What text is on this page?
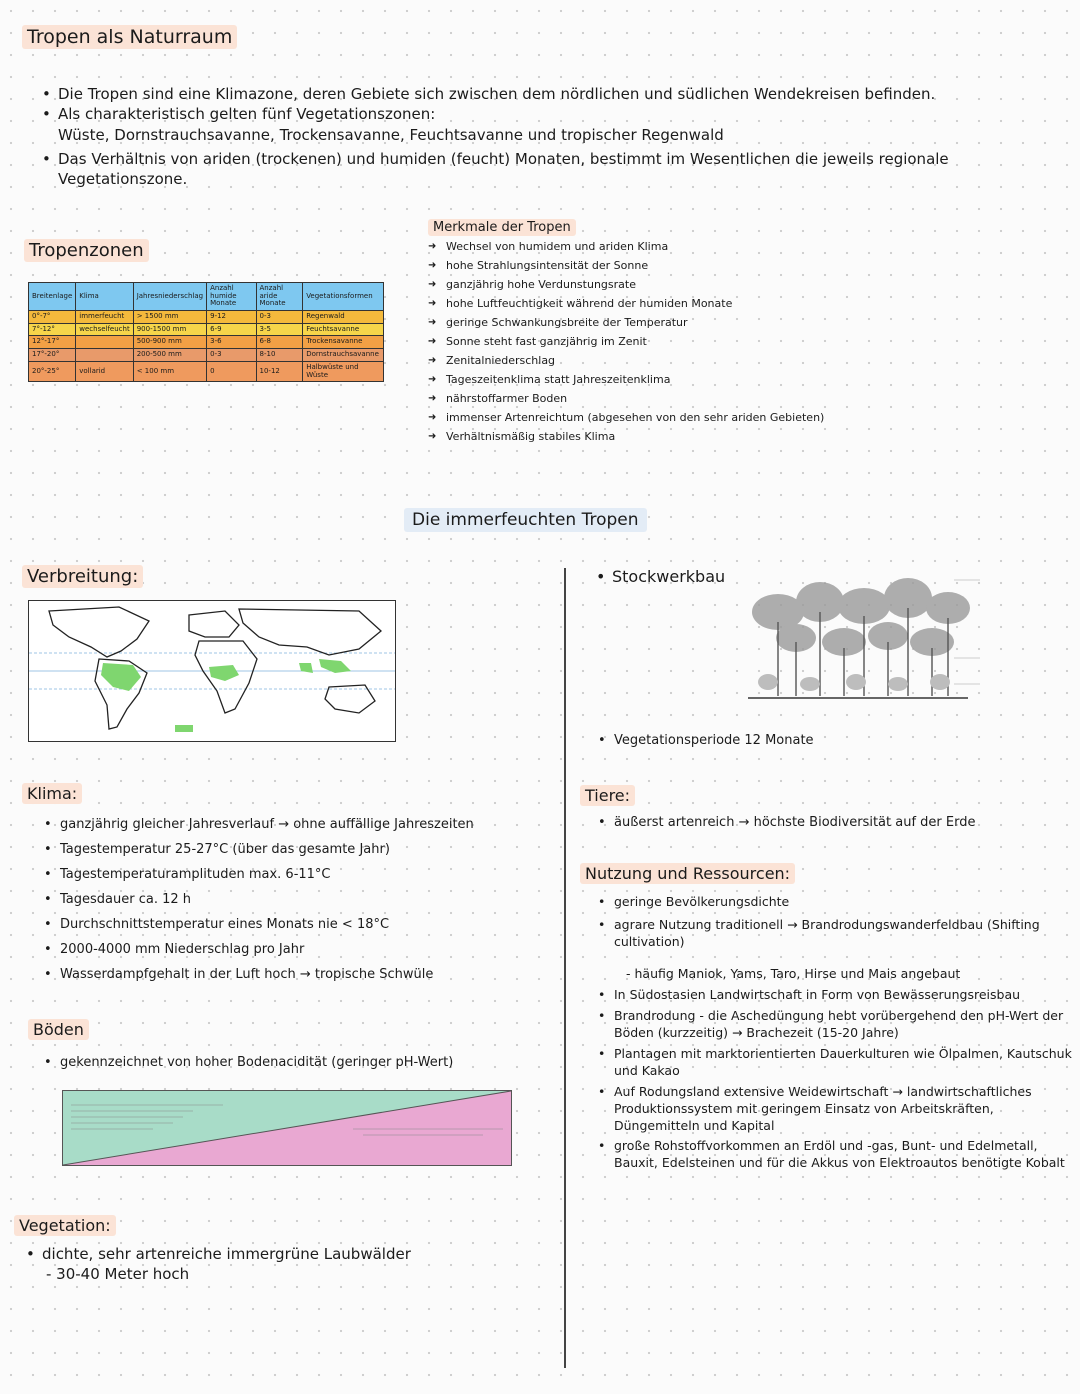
Tropen als Naturraum
• Die Tropen sind eine Klimazone, deren Gebiete sich zwischen dem nördlichen und südlichen Wendekreisen befinden.
• Als charakteristisch gelten fünf Vegetationszonen:
Wüste, Dornstrauchsavanne, Trockensavanne, Feuchtsavanne und tropischer Regenwald
• Das Verhältnis von ariden (trockenen) und humiden (feucht) Monaten, bestimmt im Wesentlichen die jeweils regionale Vegetationszone.
Tropenzonen
Breitenlage	Klima	Jahresniederschlag	Anzahl humide Monate	Anzahl aride Monate	Vegetationsformen
0°-7°	immerfeucht	> 1500 mm	9-12	0-3	Regenwald
7°-12°	wechselfeucht	900-1500 mm	6-9	3-5	Feuchtsavanne
12°-17°		500-900 mm	3-6	6-8	Trockensavanne
17°-20°		200-500 mm	0-3	8-10	Dornstrauchsavanne
20°-25°	vollarid	< 100 mm	0	10-12	Halbwüste und Wüste
Merkmale der Tropen
➜ Wechsel von humidem und ariden Klima
➜ hohe Strahlungsintensität der Sonne
➜ ganzjährig hohe Verdunstungsrate
➜ hohe Luftfeuchtigkeit während der humiden Monate
➜ geringe Schwankungsbreite der Temperatur
➜ Sonne steht fast ganzjährig im Zenit
➜ Zenitalniederschlag
➜ Tageszeitenklima statt Jahreszeitenklima
➜ nährstoffarmer Boden
➜ immenser Artenreichtum (abgesehen von den sehr ariden Gebieten)
➜ Verhältnismäßig stabiles Klima
Die immerfeuchten Tropen
Verbreitung:	• Stockwerkbau
• Vegetationsperiode 12 Monate
Klima:
• ganzjährig gleicher Jahresverlauf → ohne auffällige Jahreszeiten
• Tagestemperatur 25-27°C (über das gesamte Jahr)
• Tagestemperaturamplituden max. 6-11°C
• Tagesdauer ca. 12 h
• Durchschnittstemperatur eines Monats nie < 18°C
• 2000-4000 mm Niederschlag pro Jahr
• Wasserdampfgehalt in der Luft hoch → tropische Schwüle
Böden
• gekennzeichnet von hoher Bodenacidität (geringer pH-Wert)
Vegetation:
• dichte, sehr artenreiche immergrüne Laubwälder
- 30-40 Meter hoch
Tiere:
• äußerst artenreich → höchste Biodiversität auf der Erde
Nutzung und Ressourcen:
• geringe Bevölkerungsdichte
• agrare Nutzung traditionell → Brandrodungswanderfeldbau (Shifting cultivation)
- häufig Maniok, Yams, Taro, Hirse und Mais angebaut
• In Südostasien Landwirtschaft in Form von Bewässerungsreisbau
• Brandrodung - die Aschedüngung hebt vorübergehend den pH-Wert der Böden (kurzzeitig) → Brachezeit (15-20 Jahre)
• Plantagen mit marktorientierten Dauerkulturen wie Ölpalmen, Kautschuk und Kakao
• Auf Rodungsland extensive Weidewirtschaft → landwirtschaftliches Produktionssystem mit geringem Einsatz von Arbeitskräften, Düngemitteln und Kapital
• große Rohstoffvorkommen an Erdöl und -gas, Bunt- und Edelmetall, Bauxit, Edelsteinen und für die Akkus von Elektroautos benötigte Kobalt
